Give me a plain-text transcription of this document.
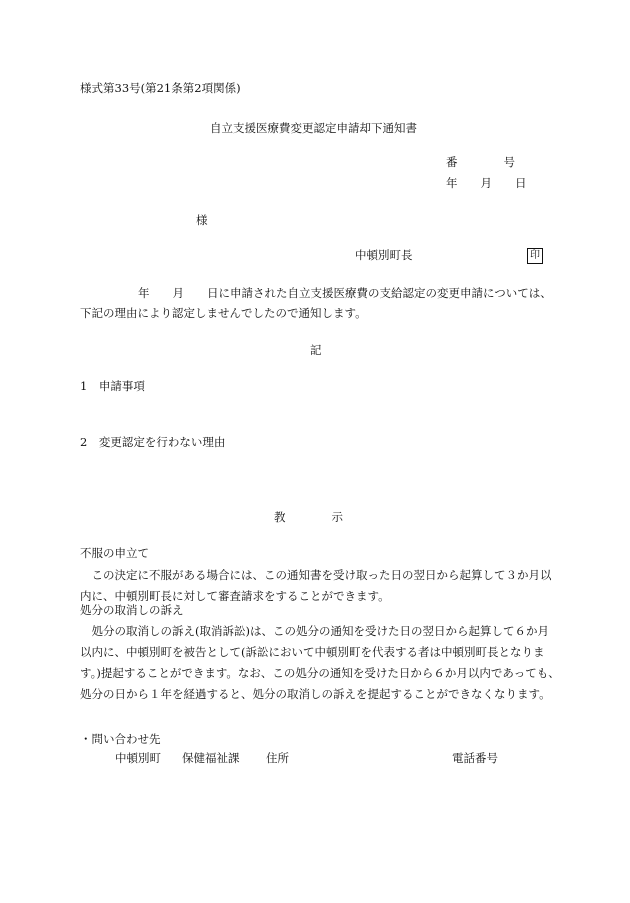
様式第33号(第21条第2項関係)
自立支援医療費変更認定申請却下通知書
番　　　　号
年　　月　　日
様
中頓別町長	印
年　　月　　日に申請された自立支援医療費の支給認定の変更申請については、
下記の理由により認定しませんでしたので通知します。
記
1　申請事項
2　変更認定を行わない理由
教　　　　示
不服の申立て
この決定に不服がある場合には、この通知書を受け取った日の翌日から起算して３か月以内に、中頓別町長に対して審査請求をすることができます。
処分の取消しの訴え
処分の取消しの訴え(取消訴訟)は、この処分の通知を受けた日の翌日から起算して６か月以内に、中頓別町を被告として(訴訟において中頓別町を代表する者は中頓別町長となります。)提起することができます。なお、この処分の通知を受けた日から６か月以内であっても、処分の日から１年を経過すると、処分の取消しの訴えを提起することができなくなります。
・問い合わせ先
中頓別町 保健福祉課 住所	電話番号
